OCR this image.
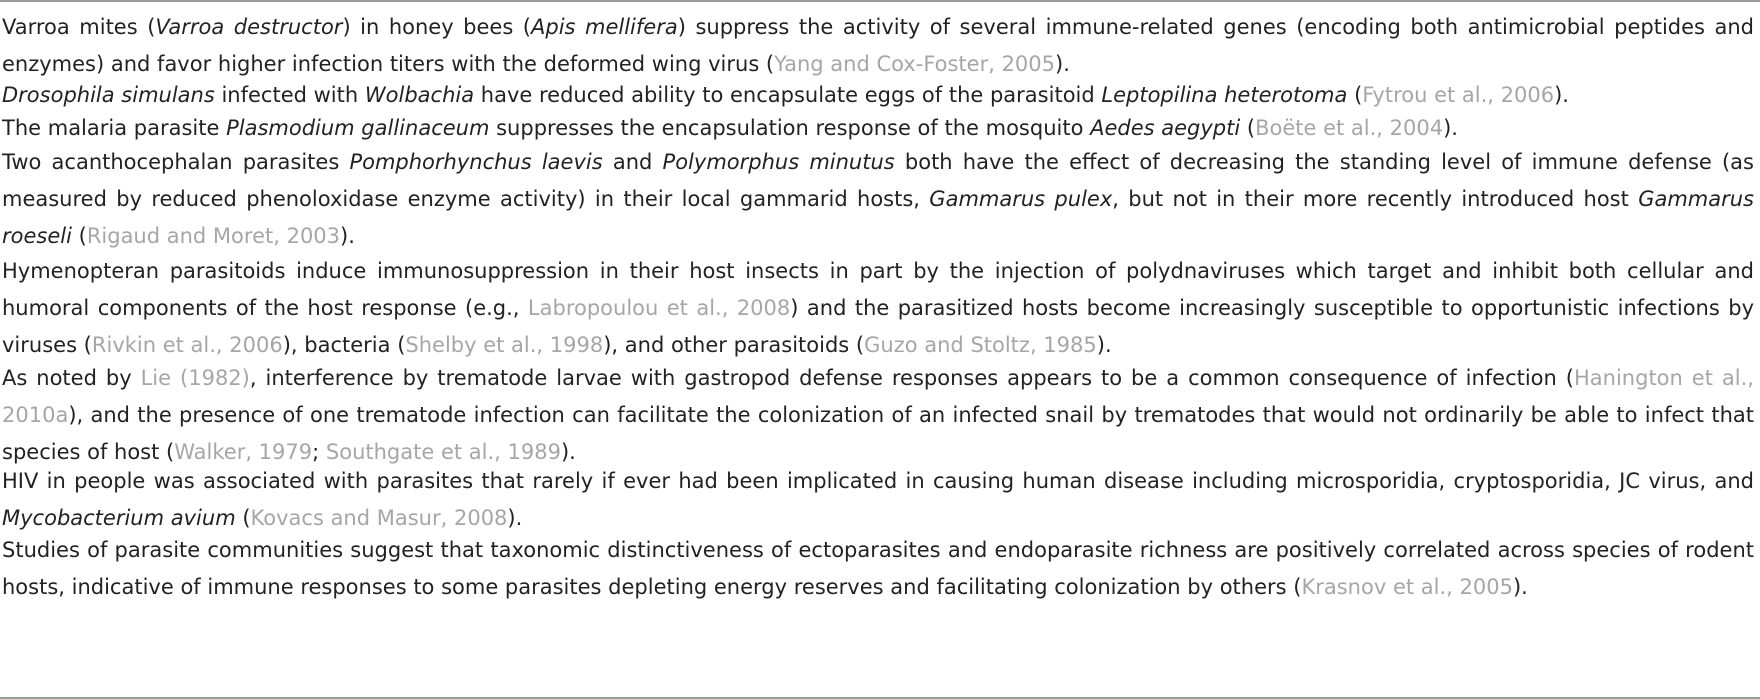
Varroa mites (Varroa destructor) in honey bees (Apis mellifera) suppress the activity of several immune-related genes (encoding both antimicrobial peptides and enzymes) and favor higher infection titers with the deformed wing virus (Yang and Cox-Foster, 2005).
Drosophila simulans infected with Wolbachia have reduced ability to encapsulate eggs of the parasitoid Leptopilina heterotoma (Fytrou et al., 2006).
The malaria parasite Plasmodium gallinaceum suppresses the encapsulation response of the mosquito Aedes aegypti (Boëte et al., 2004).
Two acanthocephalan parasites Pomphorhynchus laevis and Polymorphus minutus both have the effect of decreasing the standing level of immune defense (as measured by reduced phenoloxidase enzyme activity) in their local gammarid hosts, Gammarus pulex, but not in their more recently introduced host Gammarus roeseli (Rigaud and Moret, 2003).
Hymenopteran parasitoids induce immunosuppression in their host insects in part by the injection of polydnaviruses which target and inhibit both cellular and humoral components of the host response (e.g., Labropoulou et al., 2008) and the parasitized hosts become increasingly susceptible to opportunistic infections by viruses (Rivkin et al., 2006), bacteria (Shelby et al., 1998), and other parasitoids (Guzo and Stoltz, 1985).
As noted by Lie (1982), interference by trematode larvae with gastropod defense responses appears to be a common consequence of infection (Hanington et al., 2010a), and the presence of one trematode infection can facilitate the colonization of an infected snail by trematodes that would not ordinarily be able to infect that species of host (Walker, 1979; Southgate et al., 1989).
HIV in people was associated with parasites that rarely if ever had been implicated in causing human disease including microsporidia, cryptosporidia, JC virus, and Mycobacterium avium (Kovacs and Masur, 2008).
Studies of parasite communities suggest that taxonomic distinctiveness of ectoparasites and endoparasite richness are positively correlated across species of rodent hosts, indicative of immune responses to some parasites depleting energy reserves and facilitating colonization by others (Krasnov et al., 2005).
